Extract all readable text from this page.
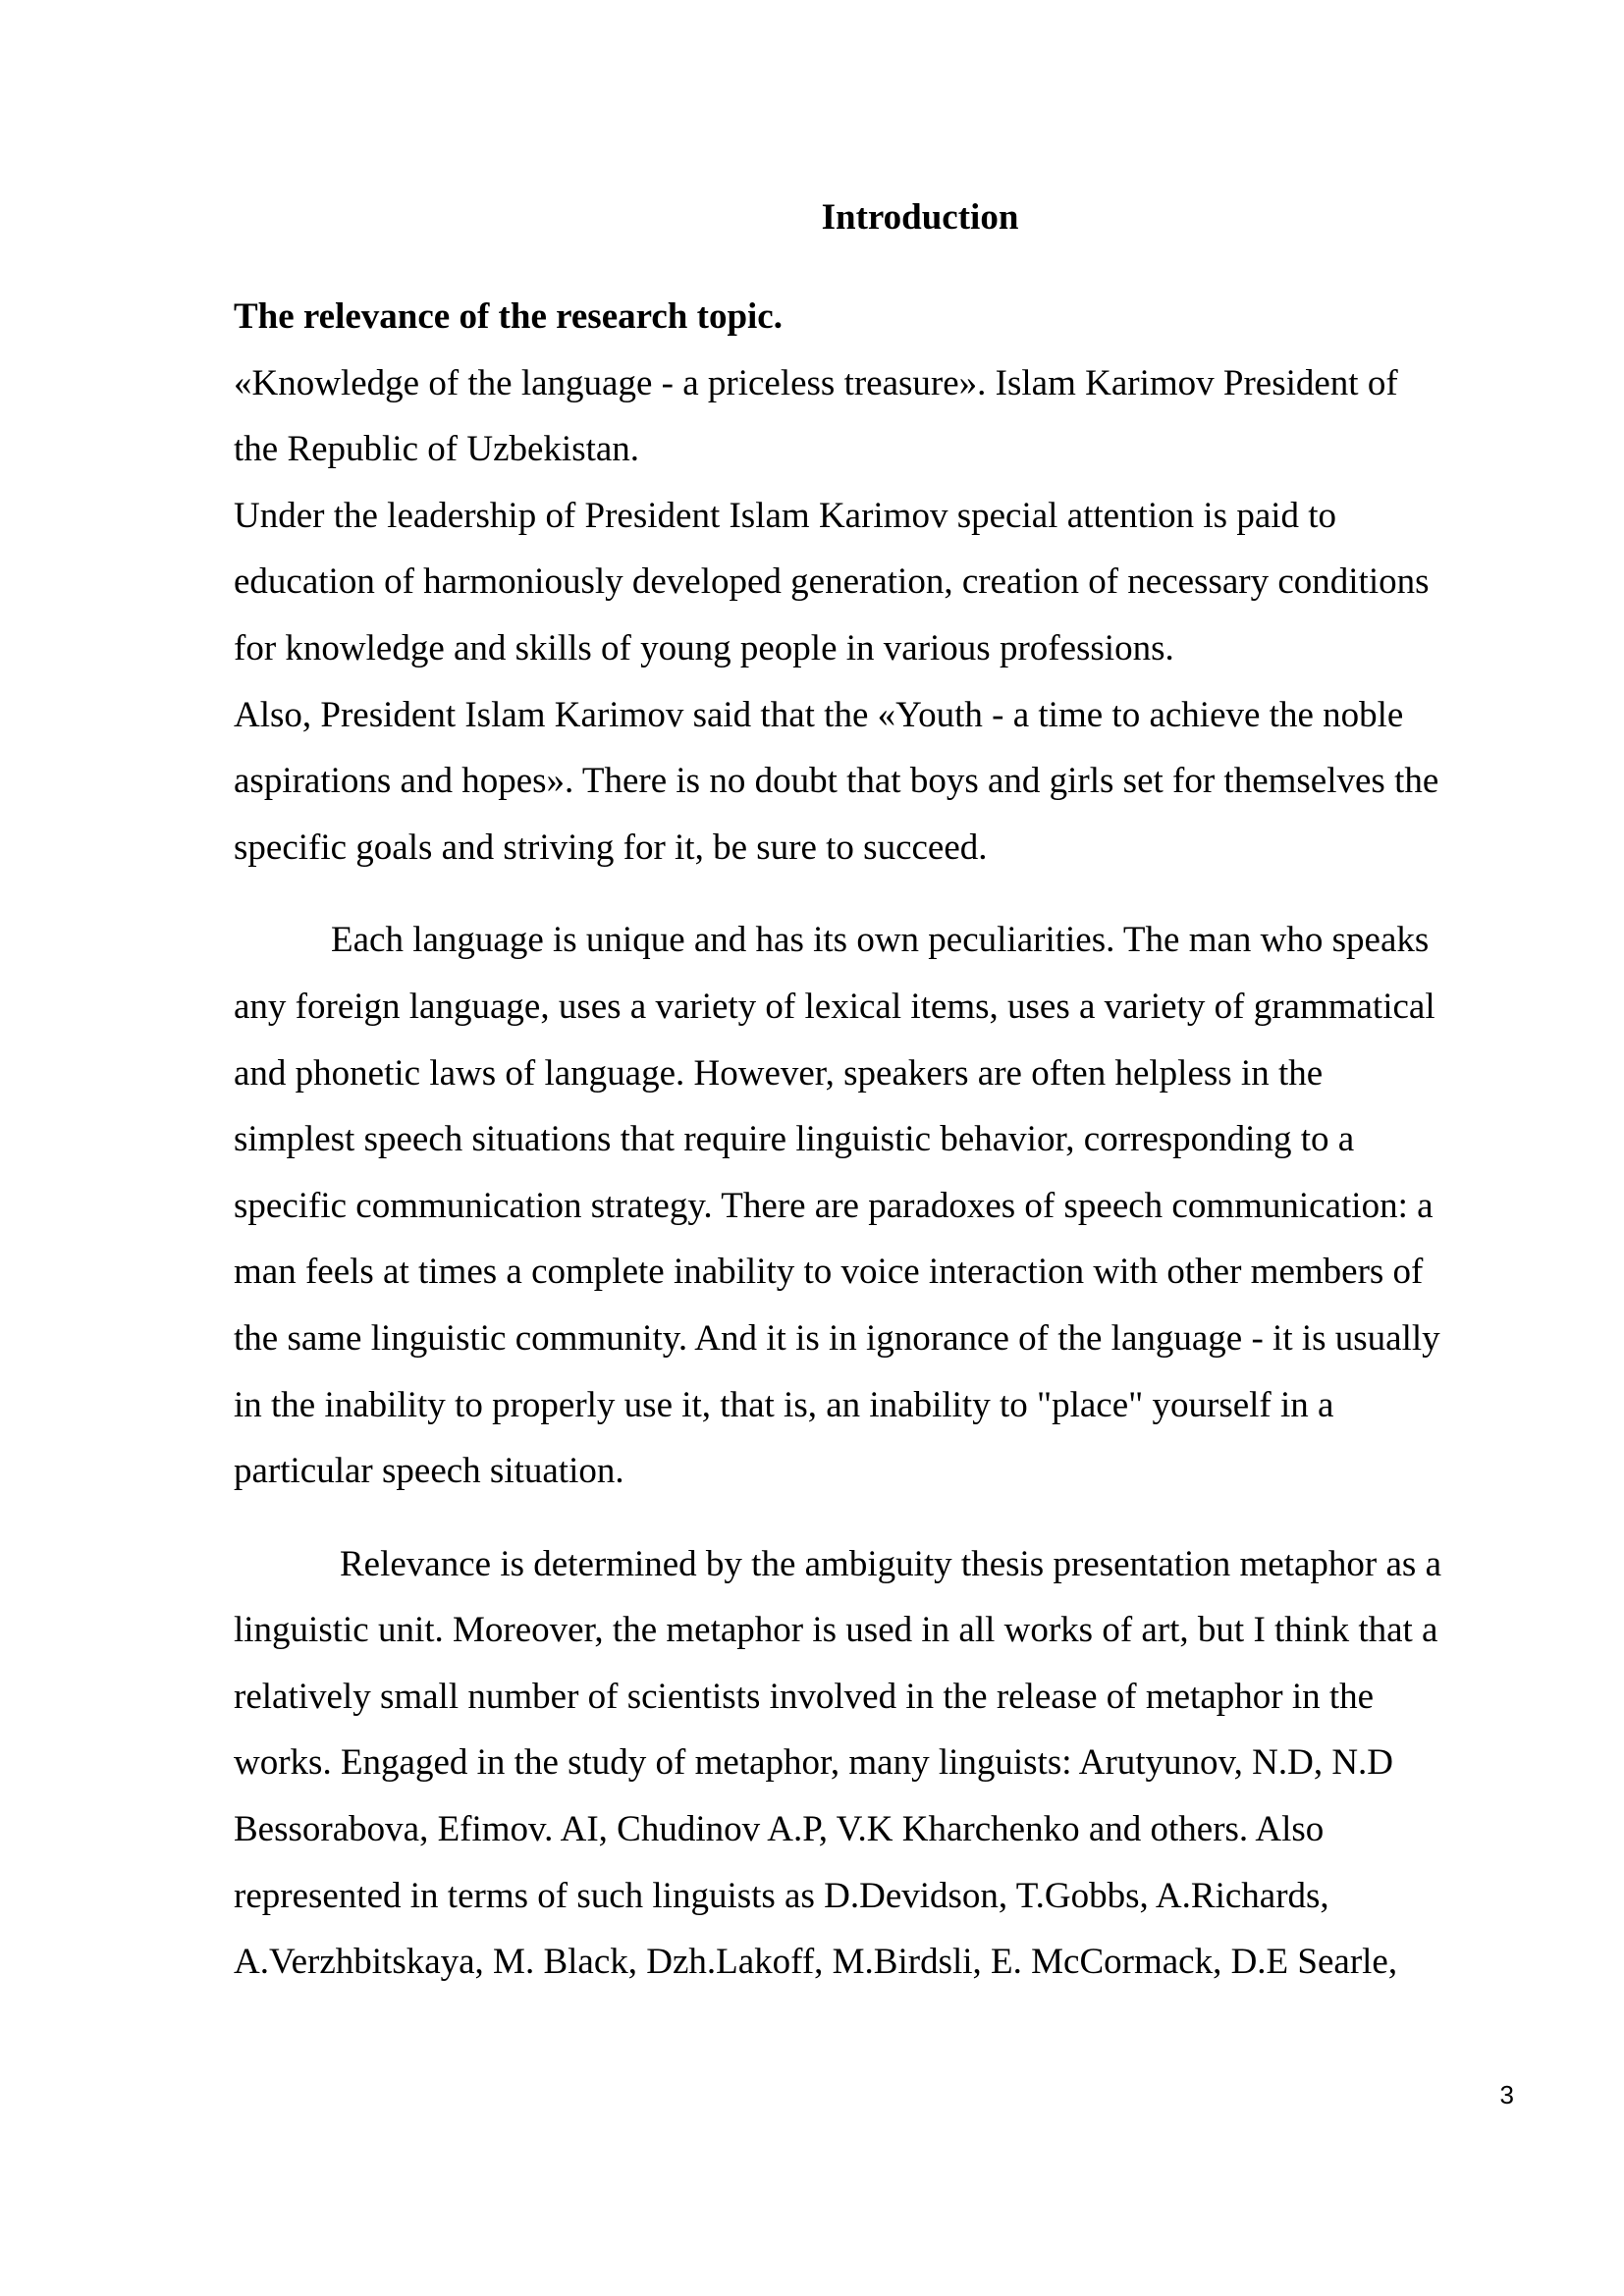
Introduction

The relevance of the research topic.

«Knowledge of the language - a priceless treasure». Islam Karimov President of
the Republic of Uzbekistan.
Under the leadership of President Islam Karimov special attention is paid to
education of harmoniously developed generation, creation of necessary conditions
for knowledge and skills of young people in various professions.
Also, President Islam Karimov said that the «Youth - a time to achieve the noble
aspirations and hopes». There is no doubt that boys and girls set for themselves the
specific goals and striving for it, be sure to succeed.
Each language is unique and has its own peculiarities. The man who speaks
any foreign language, uses a variety of lexical items, uses a variety of grammatical
and phonetic laws of language. However, speakers are often helpless in the
simplest speech situations that require linguistic behavior, corresponding to a
specific communication strategy. There are paradoxes of speech communication: a
man feels at times a complete inability to voice interaction with other members of
the same linguistic community. And it is in ignorance of the language - it is usually
in the inability to properly use it, that is, an inability to "place" yourself in a
particular speech situation.
Relevance is determined by the ambiguity thesis presentation metaphor as a
linguistic unit. Moreover, the metaphor is used in all works of art, but I think that a
relatively small number of scientists involved in the release of metaphor in the
works. Engaged in the study of metaphor, many linguists: Arutyunov, N.D, N.D
Bessorabova, Efimov. AI, Chudinov A.P, V.K Kharchenko and others. Also
represented in terms of such linguists as D.Devidson, T.Gobbs, A.Richards,
A.Verzhbitskaya, M. Black, Dzh.Lakoff, M.Birdsli, E. McCormack, D.E Searle,
3
